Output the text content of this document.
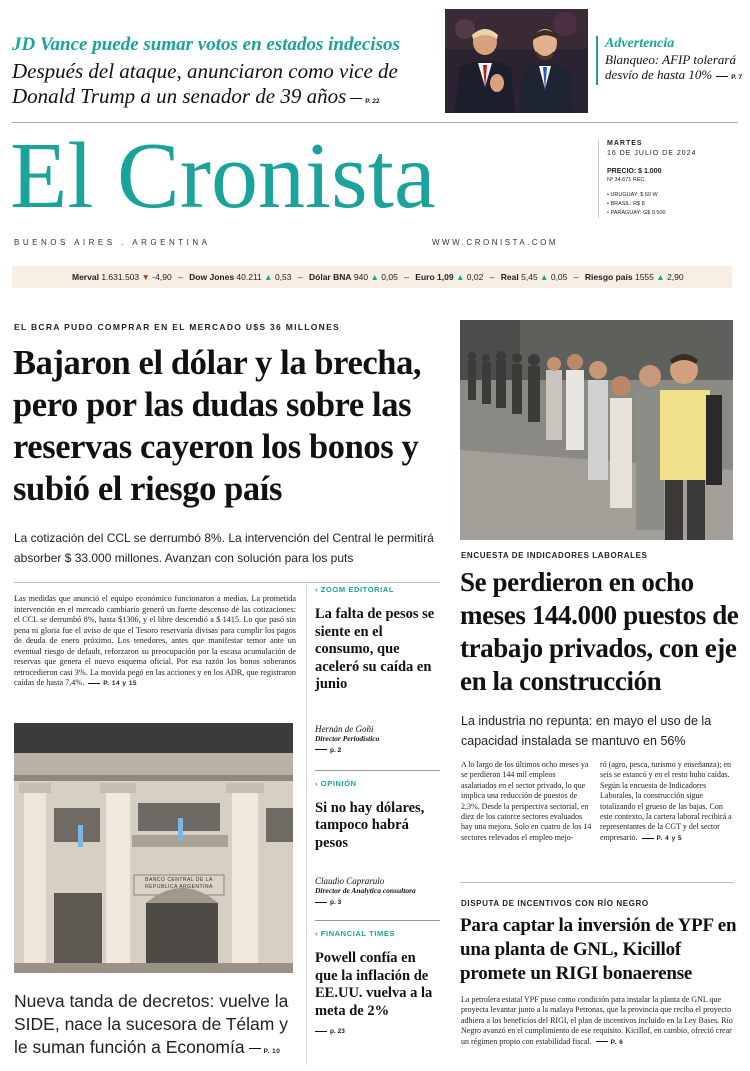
JD Vance puede sumar votos en estados indecisos
Después del ataque, anunciaron como vice de Donald Trump a un senador de 39 años	P. 22
Advertencia
Blanqueo: AFIP tolerará desvío de hasta 10%	P. 7
El Cronista
BUENOS AIRES . ARGENTINA	WWW.CRONISTA.COM
MARTES
16 DE JULIO DE 2024
PRECIO: $ 1.000
Nº 34.671 REC.
• URUGUAY: $ 60 W
• BRASIL: R$ 8
• PARAGUAY: G$ 9.500
Merval 1.631.503 ▼ -4,90 – Dow Jones 40.211 ▲ 0,53 – Dólar BNA 940 ▲ 0,05 – Euro 1,09 ▲ 0,02 – Real 5,45 ▲ 0,05 – Riesgo país 1555 ▲ 2,90
EL BCRA PUDO COMPRAR EN EL MERCADO U$S 36 MILLONES
Bajaron el dólar y la brecha, pero por las dudas sobre las reservas cayeron los bonos y subió el riesgo país
La cotización del CCL se derrumbó 8%. La intervención del Central le permitirá absorber $ 33.000 millones. Avanzan con solución para los puts
Las medidas que anunció el equipo económico funcionaron a medias. La prometida intervención en el mercado cambiario generó un fuerte descenso de las cotizaciones: el CCL se derrumbó 8%, hasta $1306, y el libre descendió a $ 1415. Lo que pasó sin pena ni gloria fue el aviso de que el Tesoro reservaría divisas para cumplir los pagos de deuda de enero próximo. Los tenedores, antes que manifestar temor ante un eventual riesgo de default, reforzaron su preocupación por la escasa acumulación de reservas que genera el nuevo esquema oficial. Por esa razón los bonos soberanos retrocedieron casi 3%. La movida pegó en las acciones y en los ADR, que registraron caídas de hasta 7,4%.	P. 14 y 15
BANCO CENTRAL DE LA REPUBLICA ARGENTINA
Nueva tanda de decretos: vuelve la SIDE, nace la sucesora de Télam y le suman función a Economía	P. 10
› ZOOM EDITORIAL
La falta de pesos se siente en el consumo, que aceleró su caída en junio
Hernán de Goñi
Director Periodístico
p. 2
› OPINIÓN
Si no hay dólares, tampoco habrá pesos
Claudio Caprarulo
Director de Analytica consultora
p. 3
› FINANCIAL TIMES
Powell confía en que la inflación de EE.UU. vuelva a la meta de 2%
p. 23
ENCUESTA DE INDICADORES LABORALES
Se perdieron en ocho meses 144.000 puestos de trabajo privados, con eje en la construcción
La industria no repunta: en mayo el uso de la capacidad instalada se mantuvo en 56%
A lo largo de los últimos ocho meses ya se perdieron 144 mil empleos asalariados en el sector privado, lo que implica una reducción de puestos de 2,3%. Desde la perspectiva sectorial, en diez de los catorce sectores evaluados hay una mejora. Solo en cuatro de los 14 sectores relevados el empleo mejo-
ró (agro, pesca, turismo y enseñanza); en seis se estancó y en el resto hubo caídas. Según la encuesta de Indicadores Laborales, la construcción sigue totalizando el grueso de las bajas. Con este contexto, la cartera laboral recibirá a representantes de la CGT y del sector empresario.	P. 4 y 5
DISPUTA DE INCENTIVOS CON RÍO NEGRO
Para captar la inversión de YPF en una planta de GNL, Kicillof promete un RIGI bonaerense
La petrolera estatal YPF puso como condición para instalar la planta de GNL que proyecta levantar junto a la malaya Petronas, que la provincia que reciba el proyecto adhiera a los beneficios del RIGI, el plan de incentivos incluido en la Ley Bases. Río Negro avanzó en el cumplimiento de ese requisito. Kicillof, en cambio, ofreció crear un régimen propio con estabilidad fiscal.	P. 6
